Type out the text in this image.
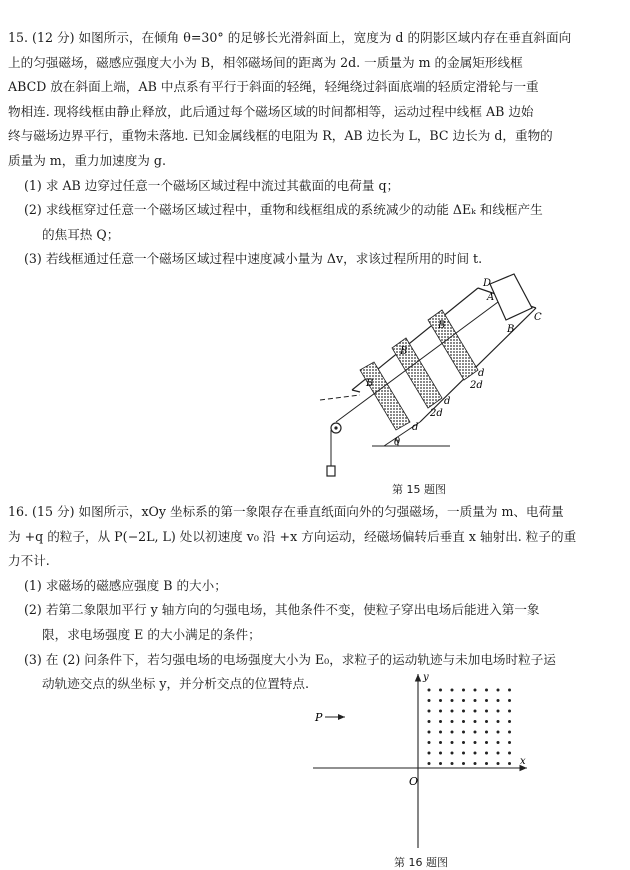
15. (12 分) 如图所示，在倾角 θ=30° 的足够长光滑斜面上，宽度为 d 的阴影区域内存在垂直斜面向

上的匀强磁场，磁感应强度大小为 B，相邻磁场间的距离为 2d. 一质量为 m 的金属矩形线框

ABCD 放在斜面上端，AB 中点系有平行于斜面的轻绳，轻绳绕过斜面底端的轻质定滑轮与一重

物相连. 现将线框由静止释放，此后通过每个磁场区域的时间都相等，运动过程中线框 AB 边始

终与磁场边界平行，重物未落地. 已知金属线框的电阻为 R，AB 边长为 L，BC 边长为 d，重物的

质量为 m，重力加速度为 g.

(1) 求 AB 边穿过任意一个磁场区域过程中流过其截面的电荷量 q；

(2) 求线框穿过任意一个磁场区域过程中，重物和线框组成的系统减少的动能 ΔEₖ 和线框产生

的焦耳热 Q；

(3) 若线框通过任意一个磁场区域过程中速度减小量为 Δv，求该过程所用的时间 t.

D
A
C
B
B
B
B
d
d
d
2d
2d
θ
第 15 题图

16. (15 分) 如图所示，xOy 坐标系的第一象限存在垂直纸面向外的匀强磁场，一质量为 m、电荷量

为 +q 的粒子，从 P(−2L, L) 处以初速度 v₀ 沿 +x 方向运动，经磁场偏转后垂直 x 轴射出. 粒子的重

力不计.

(1) 求磁场的磁感应强度 B 的大小；

(2) 若第二象限加平行 y 轴方向的匀强电场，其他条件不变，使粒子穿出电场后能进入第一象

限，求电场强度 E 的大小满足的条件；

(3) 在 (2) 问条件下，若匀强电场的电场强度大小为 E₀，求粒子的运动轨迹与未加电场时粒子运

动轨迹交点的纵坐标 y，并分析交点的位置特点.

x
y
O
P
第 16 题图
